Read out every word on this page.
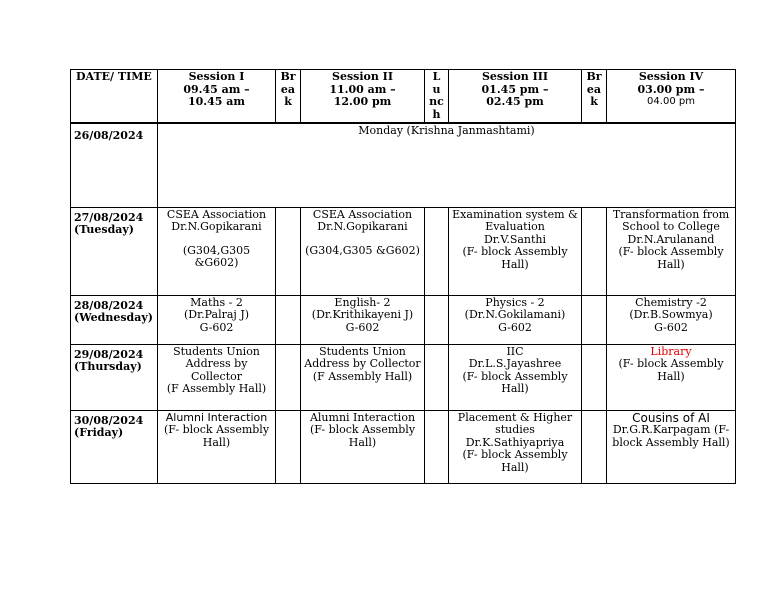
DATE/ TIME	Session I
09.45 am –
10.45 am	Br
ea
k	Session II
11.00 am –
12.00 pm	L
u
nc
h	Session III
01.45 pm –
02.45 pm	Br
ea
k	Session IV
03.00 pm –
04.00 pm

26/08/2024	Monday (Krishna Janmashtami)						

27/08/2024
(Tuesday)	CSEA Association
Dr.N.Gopikarani
(G304,G305
&G602)		CSEA Association
Dr.N.Gopikarani
(G304,G305 &G602)		Examination system &
Evaluation
Dr.V.Santhi
(F- block Assembly
Hall)		Transformation from
School to College
Dr.N.Arulanand
(F- block Assembly
Hall)

28/08/2024
(Wednesday)	Maths - 2
(Dr.Palraj J)
G-602		English- 2
(Dr.Krithikayeni J)
G-602		Physics - 2
(Dr.N.Gokilamani)
G-602		Chemistry -2
(Dr.B.Sowmya)
G-602

29/08/2024
(Thursday)	Students Union
Address by
Collector
(F Assembly Hall)		Students Union
Address by Collector
(F Assembly Hall)		IIC
Dr.L.S.Jayashree
(F- block Assembly
Hall)		Library
(F- block Assembly
Hall)

30/08/2024
(Friday)	Alumni Interaction
(F- block Assembly
Hall)		Alumni Interaction
(F- block Assembly
Hall)		Placement & Higher
studies
Dr.K.Sathiyapriya
(F- block Assembly
Hall)		Cousins of AI
Dr.G.R.Karpagam (F-
block Assembly Hall)
